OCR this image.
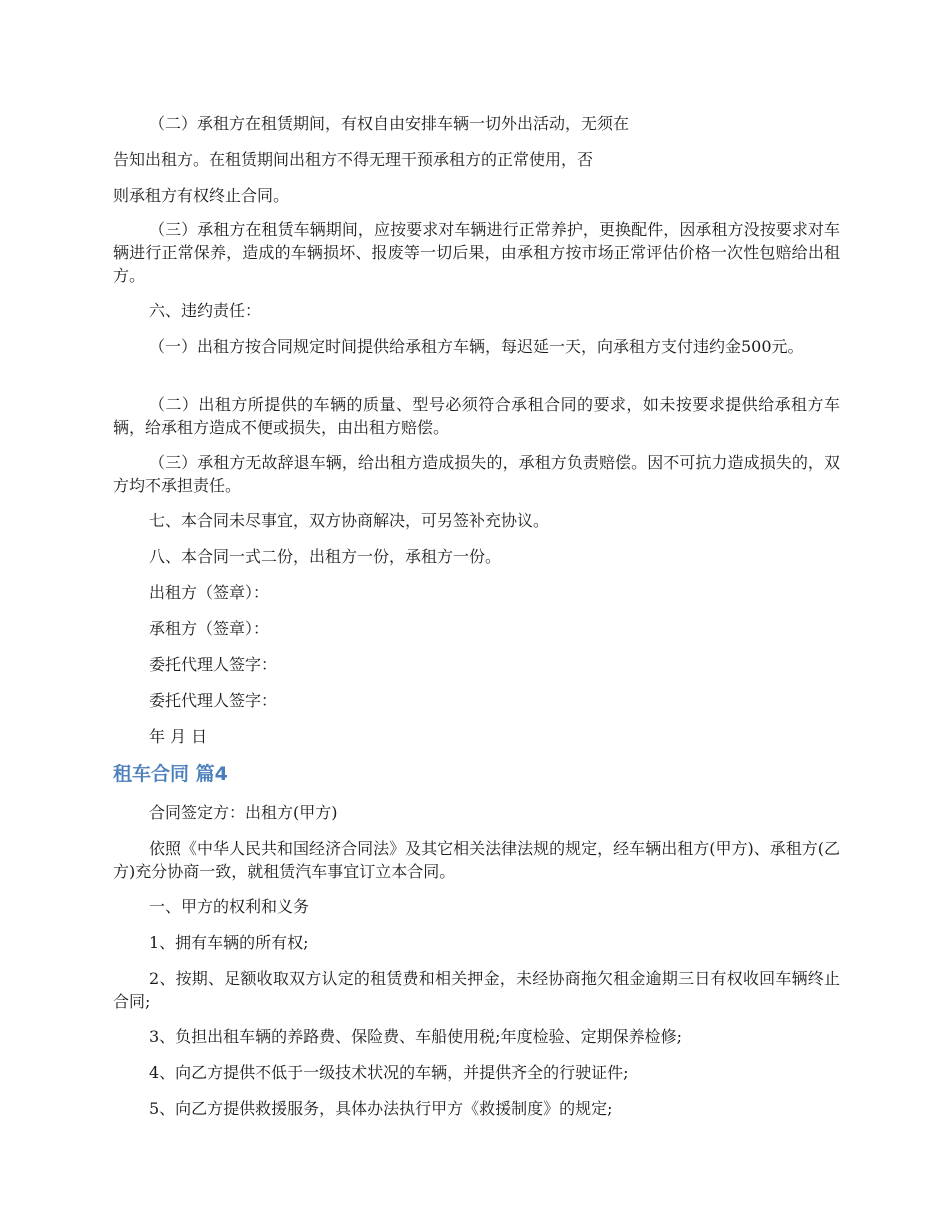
（二）承租方在租赁期间，有权自由安排车辆一切外出活动，无须在

告知出租方。在租赁期间出租方不得无理干预承租方的正常使用，否

则承租方有权终止合同。

（三）承租方在租赁车辆期间，应按要求对车辆进行正常养护，更换配件，因承租方没按要求对车辆进行正常保养，造成的车辆损坏、报废等一切后果，由承租方按市场正常评估价格一次性包赔给出租方。

六、违约责任：

（一）出租方按合同规定时间提供给承租方车辆，每迟延一天，向承租方支付违约金500元。

（二）出租方所提供的车辆的质量、型号必须符合承租合同的要求，如未按要求提供给承租方车辆，给承租方造成不便或损失，由出租方赔偿。

（三）承租方无故辞退车辆，给出租方造成损失的，承租方负责赔偿。因不可抗力造成损失的，双方均不承担责任。

七、本合同未尽事宜，双方协商解决，可另签补充协议。

八、本合同一式二份，出租方一份，承租方一份。

出租方（签章）：

承租方（签章）：

委托代理人签字：

委托代理人签字：

年 月 日

租车合同 篇4

合同签定方：出租方(甲方)

依照《中华人民共和国经济合同法》及其它相关法律法规的规定，经车辆出租方(甲方)、承租方(乙方)充分协商一致，就租赁汽车事宜订立本合同。

一、甲方的权利和义务

1、拥有车辆的所有权;

2、按期、足额收取双方认定的租赁费和相关押金，未经协商拖欠租金逾期三日有权收回车辆终止合同;

3、负担出租车辆的养路费、保险费、车船使用税;年度检验、定期保养检修;

4、向乙方提供不低于一级技术状况的车辆，并提供齐全的行驶证件;

5、向乙方提供救援服务，具体办法执行甲方《救援制度》的规定;
